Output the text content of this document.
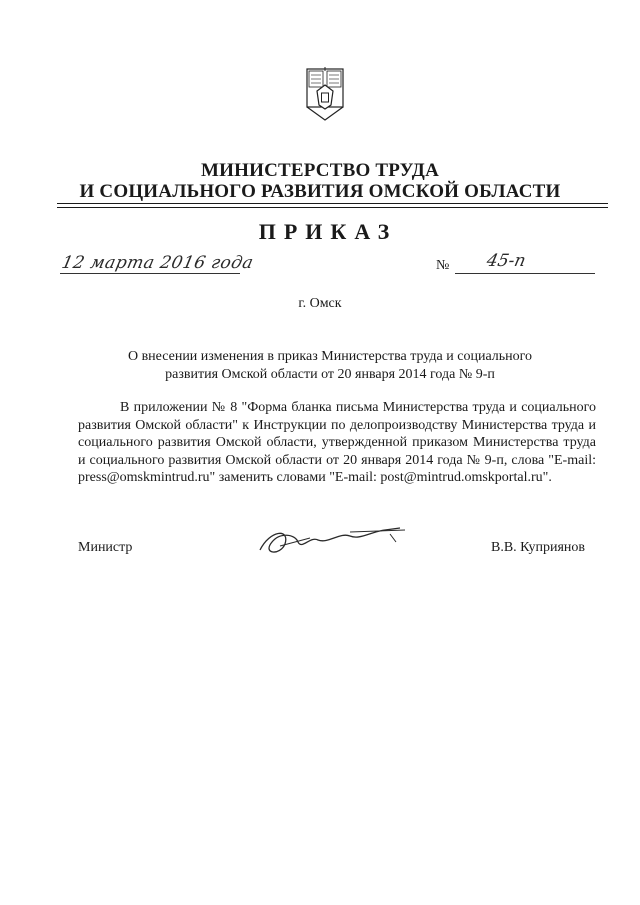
МИНИСТЕРСТВО ТРУДА
И СОЦИАЛЬНОГО РАЗВИТИЯ ОМСКОЙ ОБЛАСТИ
ПРИКАЗ
12 марта 2016 года	№ 45-п
г. Омск
О внесении изменения в приказ Министерства труда и социального развития Омской области от 20 января 2014 года № 9-п
В приложении № 8 "Форма бланка письма Министерства труда и социального развития Омской области" к Инструкции по делопроизводству Министерства труда и социального развития Омской области, утвержденной приказом Министерства труда и социального развития Омской области от 20 января 2014 года № 9-п, слова "E-mail: press@omskmintrud.ru" заменить словами "E-mail: post@mintrud.omskportal.ru".
Министр	В.В. Куприянов
